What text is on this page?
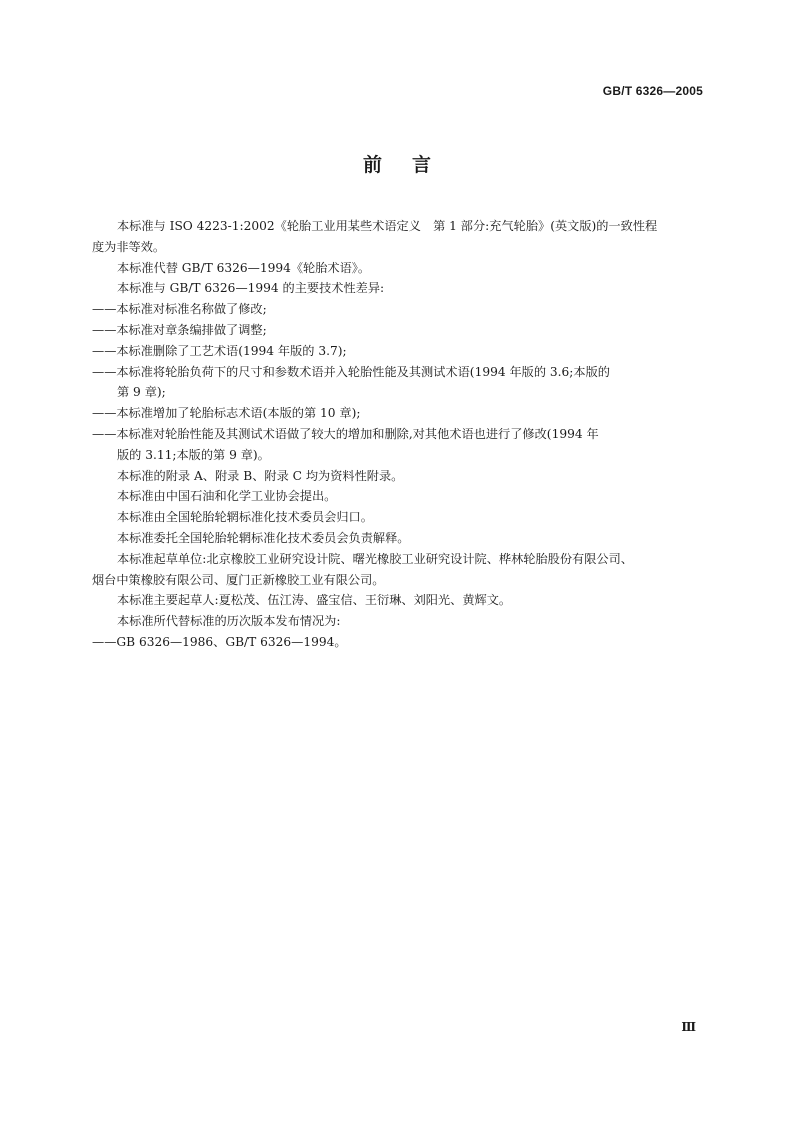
GB/T 6326—2005
前言

本标准与 ISO 4223-1:2002《轮胎工业用某些术语定义　第 1 部分:充气轮胎》(英文版)的一致性程
度为非等效。

本标准代替 GB/T 6326—1994《轮胎术语》。

本标准与 GB/T 6326—1994 的主要技术性差异:

——本标准对标准名称做了修改;

——本标准对章条编排做了调整;

——本标准删除了工艺术语(1994 年版的 3.7);

——本标准将轮胎负荷下的尺寸和参数术语并入轮胎性能及其测试术语(1994 年版的 3.6;本版的
第 9 章);

——本标准增加了轮胎标志术语(本版的第 10 章);

——本标准对轮胎性能及其测试术语做了较大的增加和删除,对其他术语也进行了修改(1994 年
版的 3.11;本版的第 9 章)。

本标准的附录 A、附录 B、附录 C 均为资料性附录。

本标准由中国石油和化学工业协会提出。

本标准由全国轮胎轮辋标准化技术委员会归口。

本标准委托全国轮胎轮辋标准化技术委员会负责解释。

本标准起草单位:北京橡胶工业研究设计院、曙光橡胶工业研究设计院、桦林轮胎股份有限公司、
烟台中策橡胶有限公司、厦门正新橡胶工业有限公司。

本标准主要起草人:夏松茂、伍江涛、盛宝信、王衍琳、刘阳光、黄辉文。

本标准所代替标准的历次版本发布情况为:

——GB 6326—1986、GB/T 6326—1994。

Ⅲ
